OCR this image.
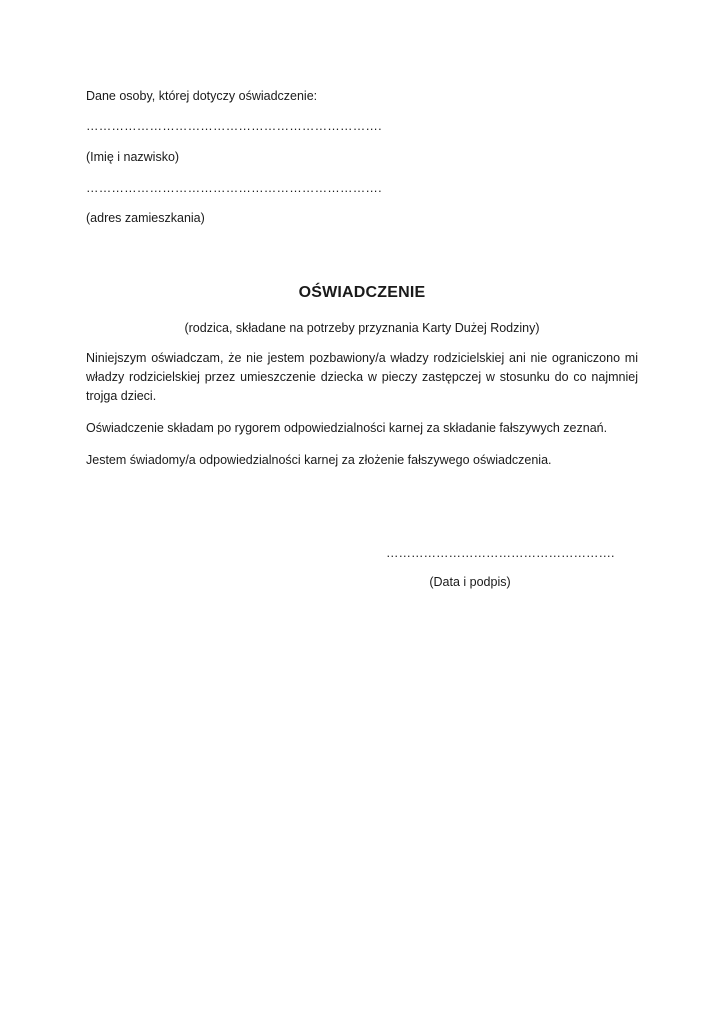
Dane osoby, której dotyczy oświadczenie:
…………………………………………………………….
(Imię i nazwisko)
…………………………………………………………….
(adres zamieszkania)
OŚWIADCZENIE
(rodzica, składane na potrzeby przyznania Karty Dużej Rodziny)
Niniejszym oświadczam, że nie jestem pozbawiony/a władzy rodzicielskiej ani nie ograniczono mi władzy rodzicielskiej przez umieszczenie dziecka w pieczy zastępczej w stosunku do co najmniej trojga dzieci.
Oświadczenie składam po rygorem odpowiedzialności karnej za składanie fałszywych zeznań.
Jestem świadomy/a odpowiedzialności karnej za złożenie fałszywego oświadczenia.
……………………………………………….
(Data i podpis)
